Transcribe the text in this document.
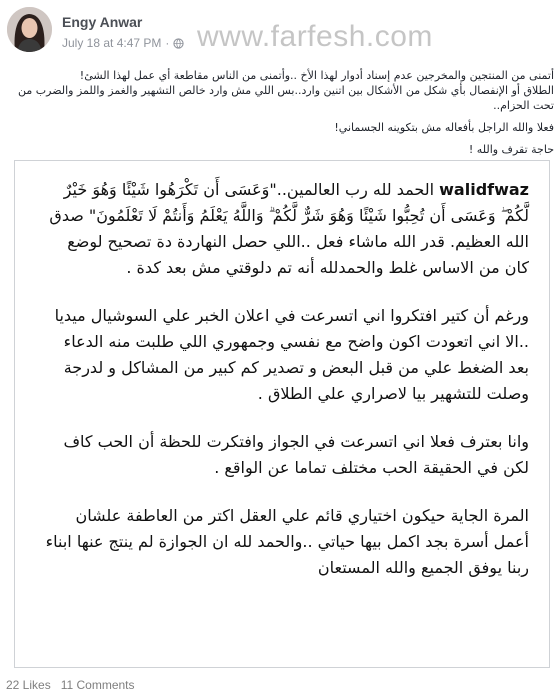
Engy Anwar
July 18 at 4:47 PM · www.farfesh.com

أتمنى من المنتجين والمخرجين عدم إسناد أدوار لهذا الأخ ..وأتمنى من الناس مقاطعة أي عمل لهذا الشئ!

الطلاق أو الإنفصال بأي شكل من الأشكال بين اتنين وارد..بس اللي مش وارد خالص التشهير والغمز واللمز والضرب من تحت الحزام..

فعلا والله الراجل بأفعاله مش بتكوينه الجسماني!

حاجة تقرف والله !

walidfwaz الحمد لله رب العالمين.."وَعَسَى أَن تَكْرَهُوا شَيْئًا وَهُوَ خَيْرٌ لَّكُمْ ۖ وَعَسَى أَن تُحِبُّوا شَيْئًا وَهُوَ شَرٌّ لَّكُمْ ۗ وَاللَّهُ يَعْلَمُ وَأَنتُمْ لَا تَعْلَمُونَ" صدق الله العظيم. قدر الله ماشاء فعل ..اللي حصل النهاردة دة تصحيح لوضع كان من الاساس غلط والحمدلله أنه تم دلوقتي مش بعد كدة .

ورغم أن كتير افتكروا اني اتسرعت في اعلان الخبر علي السوشيال ميديا ..الا اني اتعودت اكون واضح مع نفسي وجمهوري اللي طلبت منه الدعاء بعد الضغط علي من قبل البعض و تصدير كم كبير من المشاكل و لدرجة وصلت للتشهير بيا لاصراري علي الطلاق .

وانا بعترف فعلا اني اتسرعت في الجواز وافتكرت للحظة أن الحب كاف لكن في الحقيقة الحب مختلف تماما عن الواقع .

المرة الجاية حيكون اختياري قائم علي العقل اكتر من العاطفة علشان أعمل أسرة بجد اكمل بيها حياتي ..والحمد لله ان الجوازة لم ينتج عنها ابناء ربنا يوفق الجميع والله المستعان

22 Likes 11 Comments
